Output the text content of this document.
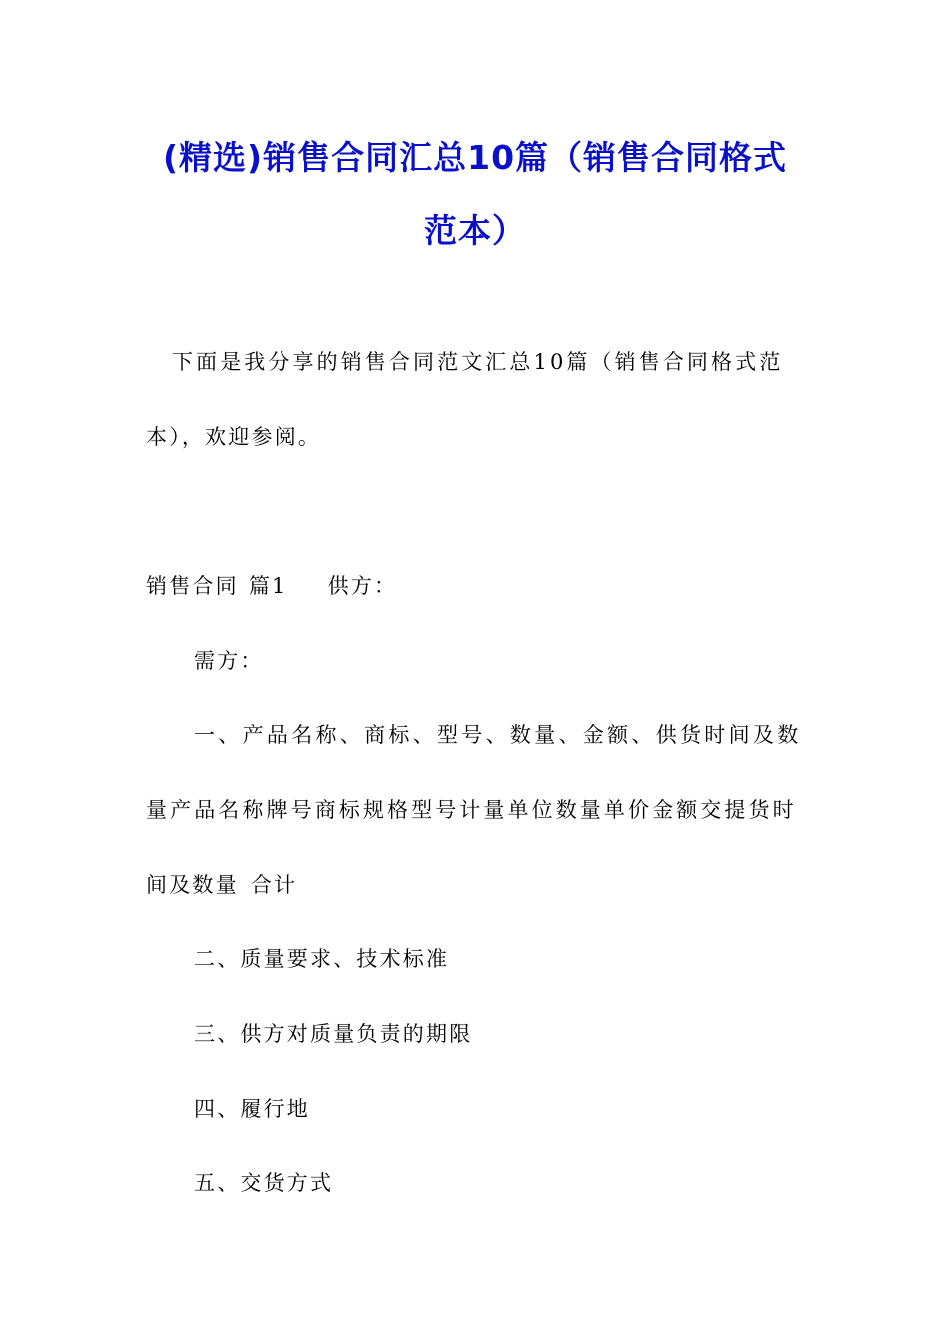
(精选)销售合同汇总10篇（销售合同格式
范本）
下面是我分享的销售合同范文汇总10篇（销售合同格式范
本），欢迎参阅。
销售合同 篇1 供方：
需方：
一、产品名称、商标、型号、数量、金额、供货时间及数
量产品名称牌号商标规格型号计量单位数量单价金额交提货时
间及数量 合计
二、质量要求、技术标准
三、供方对质量负责的期限
四、履行地
五、交货方式
